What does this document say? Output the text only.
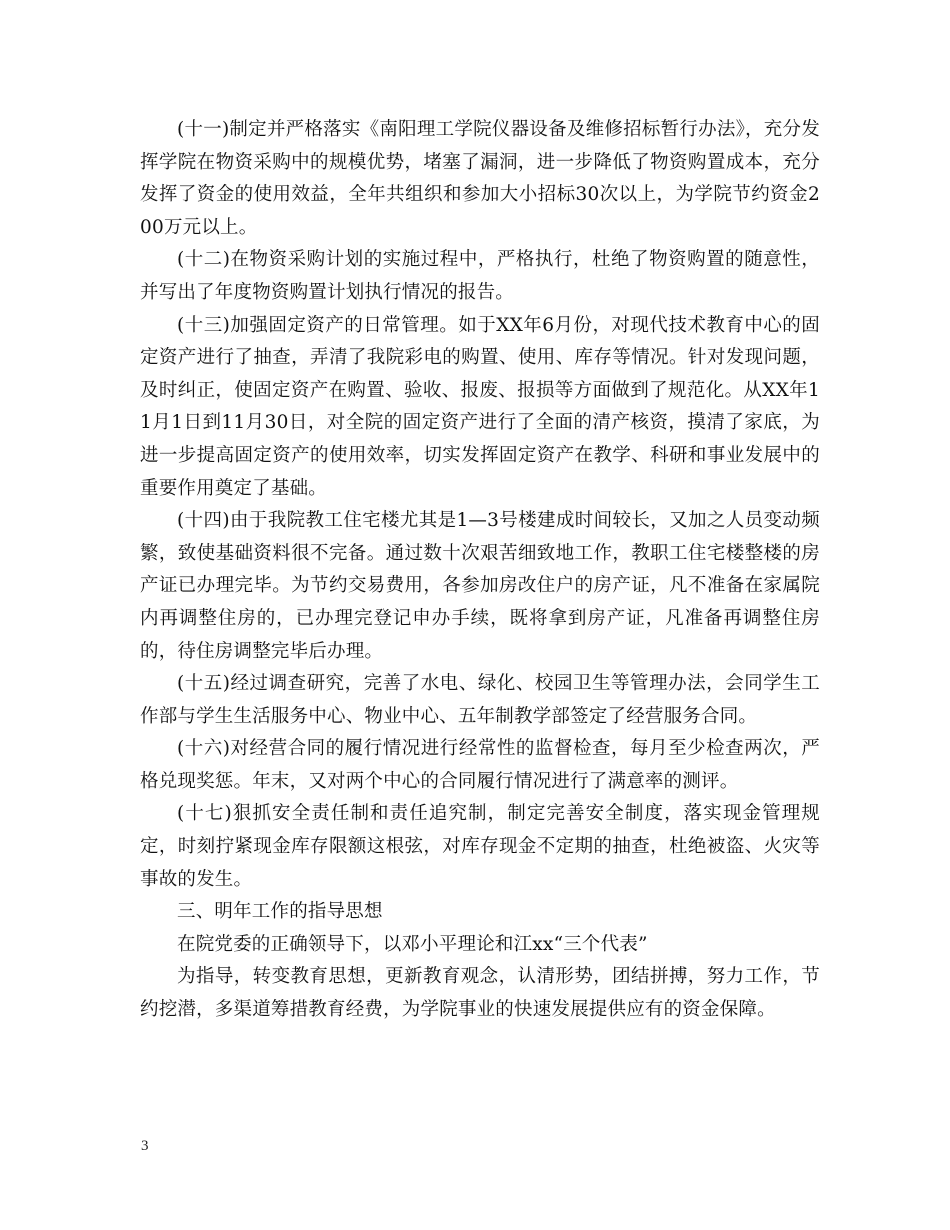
(十一)制定并严格落实《南阳理工学院仪器设备及维修招标暂行办法》，充分发挥学院在物资采购中的规模优势，堵塞了漏洞，进一步降低了物资购置成本，充分发挥了资金的使用效益，全年共组织和参加大小招标30次以上，为学院节约资金200万元以上。

(十二)在物资采购计划的实施过程中，严格执行，杜绝了物资购置的随意性，并写出了年度物资购置计划执行情况的报告。

(十三)加强固定资产的日常管理。如于XX年6月份，对现代技术教育中心的固定资产进行了抽查，弄清了我院彩电的购置、使用、库存等情况。针对发现问题，及时纠正，使固定资产在购置、验收、报废、报损等方面做到了规范化。从XX年11月1日到11月30日，对全院的固定资产进行了全面的清产核资，摸清了家底，为进一步提高固定资产的使用效率，切实发挥固定资产在教学、科研和事业发展中的重要作用奠定了基础。

(十四)由于我院教工住宅楼尤其是1—3号楼建成时间较长，又加之人员变动频繁，致使基础资料很不完备。通过数十次艰苦细致地工作，教职工住宅楼整楼的房产证已办理完毕。为节约交易费用，各参加房改住户的房产证，凡不准备在家属院内再调整住房的，已办理完登记申办手续，既将拿到房产证，凡准备再调整住房的，待住房调整完毕后办理。

(十五)经过调查研究，完善了水电、绿化、校园卫生等管理办法，会同学生工作部与学生生活服务中心、物业中心、五年制教学部签定了经营服务合同。

(十六)对经营合同的履行情况进行经常性的监督检查，每月至少检查两次，严格兑现奖惩。年末，又对两个中心的合同履行情况进行了满意率的测评。

(十七)狠抓安全责任制和责任追究制，制定完善安全制度，落实现金管理规定，时刻拧紧现金库存限额这根弦，对库存现金不定期的抽查，杜绝被盗、火灾等事故的发生。

三、明年工作的指导思想

在院党委的正确领导下，以邓小平理论和江xx“三个代表”

为指导，转变教育思想，更新教育观念，认清形势，团结拼搏，努力工作，节约挖潜，多渠道筹措教育经费，为学院事业的快速发展提供应有的资金保障。

3
